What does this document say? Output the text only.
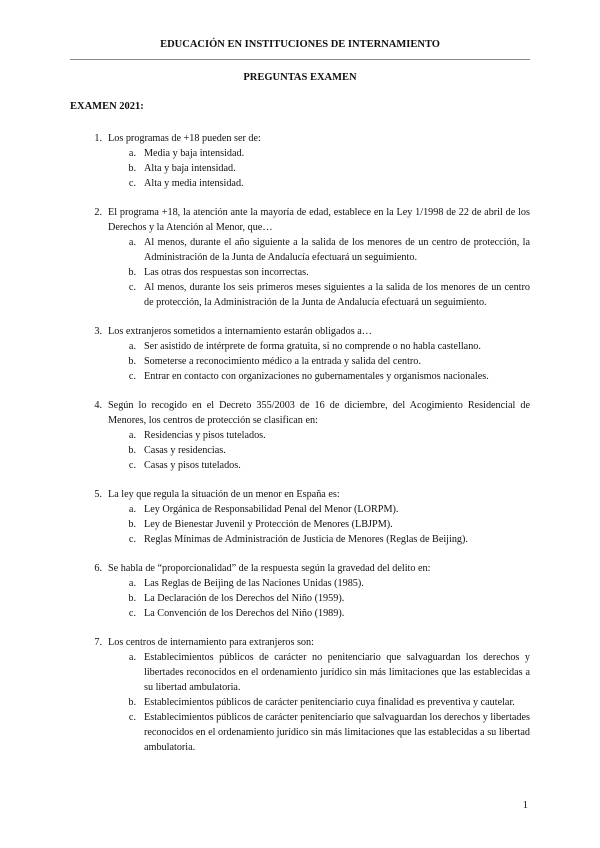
EDUCACIÓN EN INSTITUCIONES DE INTERNAMIENTO
PREGUNTAS EXAMEN
EXAMEN 2021:
1. Los programas de +18 pueden ser de:
a. Media y baja intensidad.
b. Alta y baja intensidad.
c. Alta y media intensidad.
2. El programa +18, la atención ante la mayoría de edad, establece en la Ley 1/1998 de 22 de abril de los Derechos y la Atención al Menor, que…
a. Al menos, durante el año siguiente a la salida de los menores de un centro de protección, la Administración de la Junta de Andalucía efectuará un seguimiento.
b. Las otras dos respuestas son incorrectas.
c. Al menos, durante los seis primeros meses siguientes a la salida de los menores de un centro de protección, la Administración de la Junta de Andalucía efectuará un seguimiento.
3. Los extranjeros sometidos a internamiento estarán obligados a…
a. Ser asistido de intérprete de forma gratuita, si no comprende o no habla castellano.
b. Someterse a reconocimiento médico a la entrada y salida del centro.
c. Entrar en contacto con organizaciones no gubernamentales y organismos nacionales.
4. Según lo recogido en el Decreto 355/2003 de 16 de diciembre, del Acogimiento Residencial de Menores, los centros de protección se clasifican en:
a. Residencias y pisos tutelados.
b. Casas y residencias.
c. Casas y pisos tutelados.
5. La ley que regula la situación de un menor en España es:
a. Ley Orgánica de Responsabilidad Penal del Menor (LORPM).
b. Ley de Bienestar Juvenil y Protección de Menores (LBJPM).
c. Reglas Mínimas de Administración de Justicia de Menores (Reglas de Beijing).
6. Se habla de “proporcionalidad” de la respuesta según la gravedad del delito en:
a. Las Reglas de Beijing de las Naciones Unidas (1985).
b. La Declaración de los Derechos del Niño (1959).
c. La Convención de los Derechos del Niño (1989).
7. Los centros de internamiento para extranjeros son:
a. Establecimientos públicos de carácter no penitenciario que salvaguardan los derechos y libertades reconocidos en el ordenamiento jurídico sin más limitaciones que las establecidas a su libertad ambulatoria.
b. Establecimientos públicos de carácter penitenciario cuya finalidad es preventiva y cautelar.
c. Establecimientos públicos de carácter penitenciario que salvaguardan los derechos y libertades reconocidos en el ordenamiento jurídico sin más limitaciones que las establecidas a su libertad ambulatoria.
1
